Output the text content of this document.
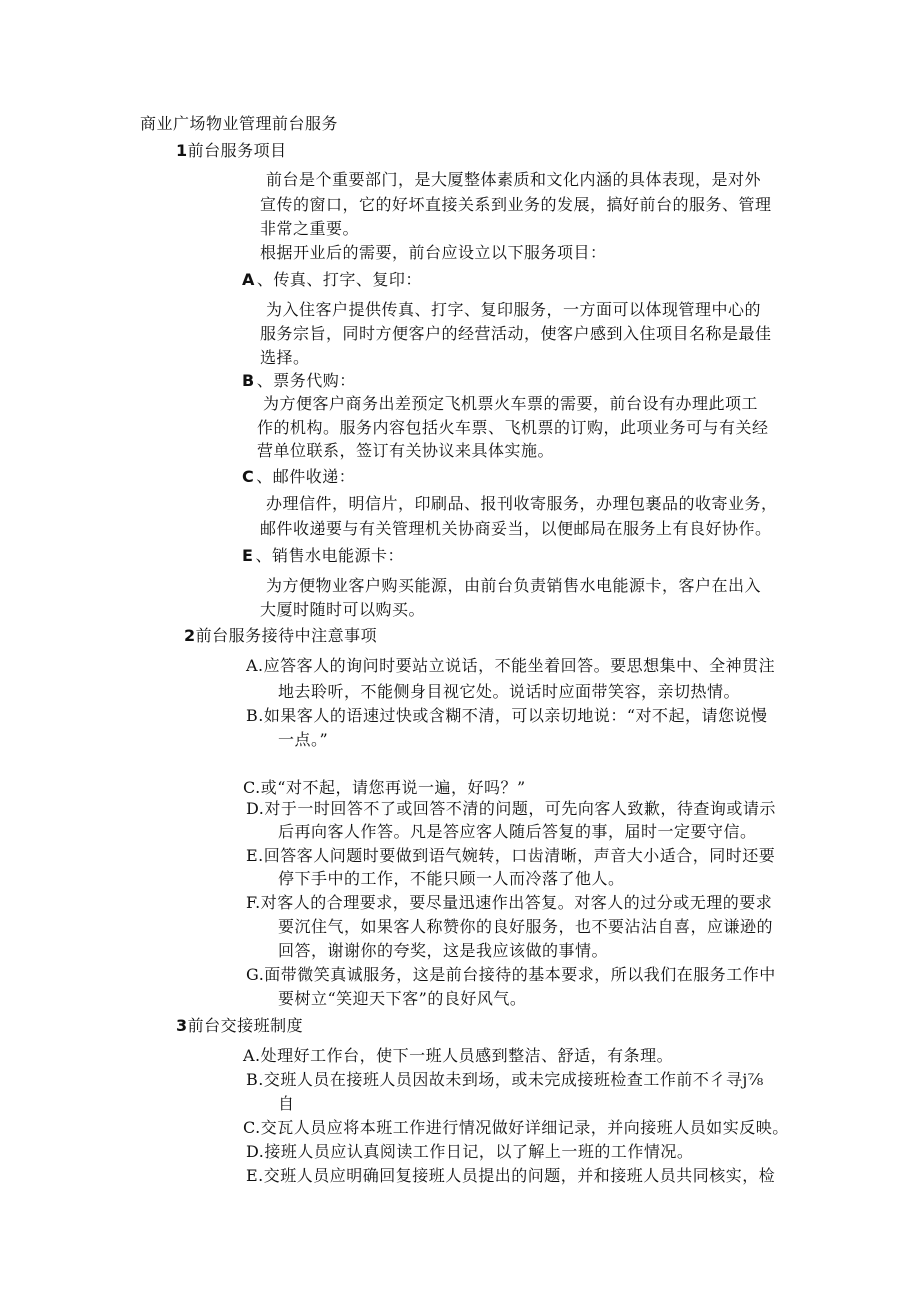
商业广场物业管理前台服务
1前台服务项目
前台是个重要部门，是大厦整体素质和文化内涵的具体表现，是对外
宣传的窗口，它的好坏直接关系到业务的发展，搞好前台的服务、管理
非常之重要。
根据开业后的需要，前台应设立以下服务项目：
A 、传真、打字、复印：
为入住客户提供传真、打字、复印服务，一方面可以体现管理中心的
服务宗旨，同时方便客户的经营活动，使客户感到入住项目名称是最佳
选择。
B 、票务代购：
为方便客户商务出差预定飞机票火车票的需要，前台设有办理此项工
作的机构。服务内容包括火车票、飞机票的订购，此项业务可与有关经
营单位联系，签订有关协议来具体实施。
C 、邮件收递：
办理信件，明信片，印刷品、报刊收寄服务，办理包裹品的收寄业务，
邮件收递要与有关管理机关协商妥当，以便邮局在服务上有良好协作。
E 、销售水电能源卡：
为方便物业客户购买能源，由前台负责销售水电能源卡，客户在出入
大厦时随时可以购买。
2前台服务接待中注意事项
A.应答客人的询问时要站立说话，不能坐着回答。要思想集中、全神贯注
地去聆听，不能侧身目视它处。说话时应面带笑容，亲切热情。
B.如果客人的语速过快或含糊不清，可以亲切地说：“对不起，请您说慢
一点。”
C.或“对不起，请您再说一遍，好吗？”
D.对于一时回答不了或回答不清的问题，可先向客人致歉，待查询或请示
后再向客人作答。凡是答应客人随后答复的事，届时一定要守信。
E.回答客人问题时要做到语气婉转，口齿清晰，声音大小适合，同时还要
停下手中的工作，不能只顾一人而冷落了他人。
F.对客人的合理要求，要尽量迅速作出答复。对客人的过分或无理的要求
要沉住气，如果客人称赞你的良好服务，也不要沾沾自喜，应谦逊的
回答，谢谢你的夸奖，这是我应该做的事情。
G.面带微笑真诚服务，这是前台接待的基本要求，所以我们在服务工作中
要树立“笑迎天下客”的良好风气。
3前台交接班制度
A.处理好工作台，使下一班人员感到整洁、舒适，有条理。
B.交班人员在接班人员因故未到场，或未完成接班检查工作前不彳寻j⅞
自
C.交瓦人员应将本班工作进行情况做好详细记录，并向接班人员如实反映。
D.接班人员应认真阅读工作日记，以了解上一班的工作情况。
E.交班人员应明确回复接班人员提出的问题，并和接班人员共同核实，检
